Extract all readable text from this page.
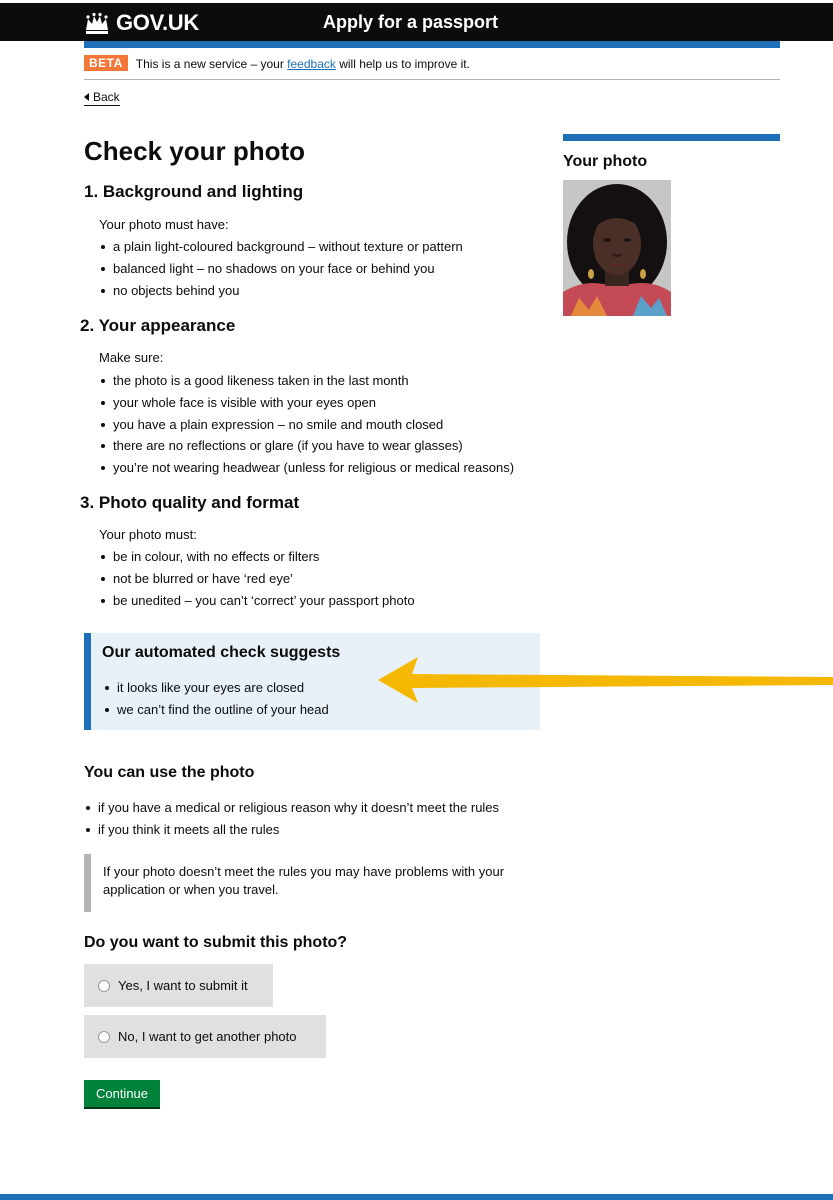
GOV.UK	Apply for a passport
BETA	This is a new service – your feedback will help us to improve it.
Back
Check your photo
1. Background and lighting
Your photo must have:
a plain light-coloured background – without texture or pattern
balanced light – no shadows on your face or behind you
no objects behind you
2. Your appearance
Make sure:
the photo is a good likeness taken in the last month
your whole face is visible with your eyes open
you have a plain expression – no smile and mouth closed
there are no reflections or glare (if you have to wear glasses)
you’re not wearing headwear (unless for religious or medical reasons)
3. Photo quality and format
Your photo must:
be in colour, with no effects or filters
not be blurred or have ‘red eye’
be unedited – you can’t ‘correct’ your passport photo
Your photo
Our automated check suggests
it looks like your eyes are closed
we can’t find the outline of your head
You can use the photo
if you have a medical or religious reason why it doesn’t meet the rules
if you think it meets all the rules
If your photo doesn’t meet the rules you may have problems with your
application or when you travel.
Do you want to submit this photo?
Yes, I want to submit it
No, I want to get another photo
Continue
